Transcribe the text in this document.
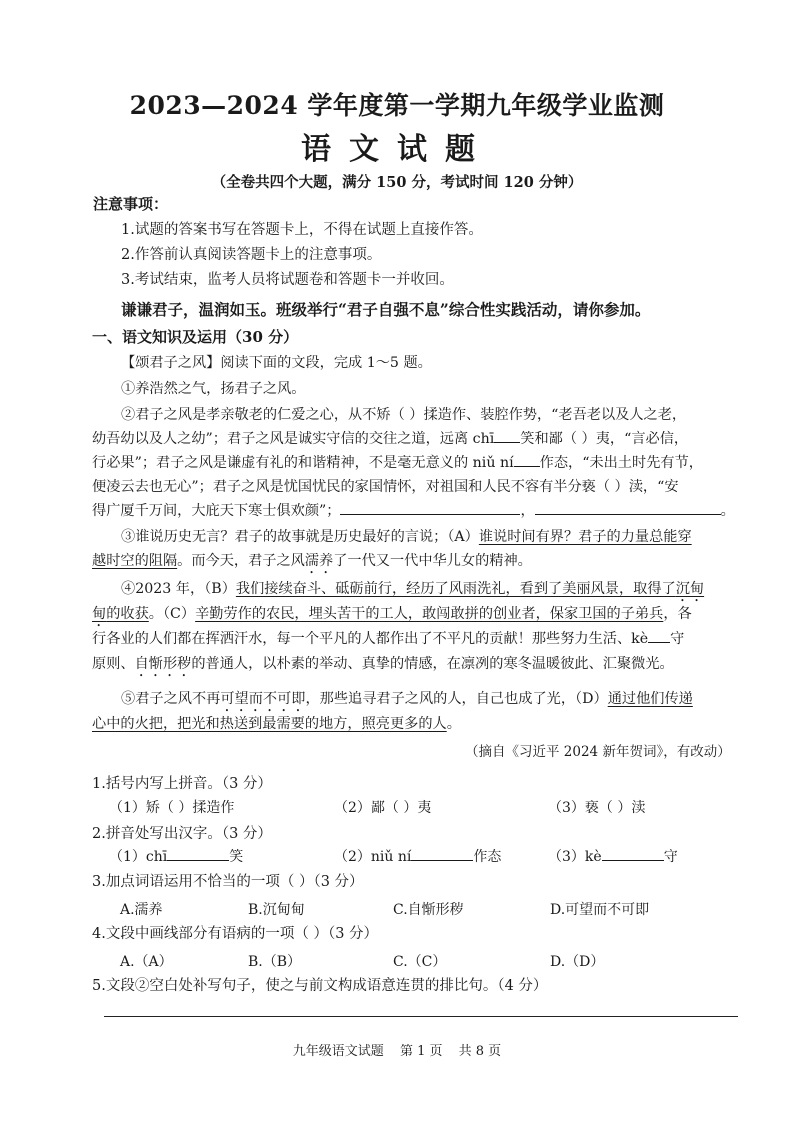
2023—2024 学年度第一学期九年级学业监测
语文试题
（全卷共四个大题，满分 150 分，考试时间 120 分钟）
注意事项：
1.试题的答案书写在答题卡上，不得在试题上直接作答。
2.作答前认真阅读答题卡上的注意事项。
3.考试结束，监考人员将试题卷和答题卡一并收回。
谦谦君子，温润如玉。班级举行“君子自强不息”综合性实践活动，请你参加。
一、语文知识及运用（30 分）
【颂君子之风】阅读下面的文段，完成 1～5 题。
①养浩然之气，扬君子之风。
②君子之风是孝亲敬老的仁爱之心，从不矫（ ）揉造作、装腔作势，“老吾老以及人之老，
幼吾幼以及人之幼”；君子之风是诚实守信的交往之道，远离 chī 笑和鄙（ ）夷，“言必信，
行必果”；君子之风是谦虚有礼的和谐精神，不是毫无意义的 niǔ ní 作态，“未出土时先有节，
便凌云去也无心”；君子之风是忧国忧民的家国情怀，对祖国和人民不容有半分亵（ ）渎，“安
得广厦千万间，大庇天下寒士俱欢颜”；	，	。
③谁说历史无言？君子的故事就是历史最好的言说；（A）谁说时间有界？君子的力量总能穿
越时空的阻隔。而今天，君子之风濡养了一代又一代中华儿女的精神。
④2023 年，（B）我们接续奋斗、砥砺前行，经历了风雨洗礼，看到了美丽风景，取得了沉甸
甸的收获。（C）辛勤劳作的农民，埋头苦干的工人，敢闯敢拼的创业者，保家卫国的子弟兵，各
行各业的人们都在挥洒汗水，每一个平凡的人都作出了不平凡的贡献！那些努力生活、kè 守
原则、自惭形秽的普通人，以朴素的举动、真挚的情感，在凛冽的寒冬温暖彼此、汇聚微光。
⑤君子之风不再可望而不可即，那些追寻君子之风的人，自己也成了光，（D）通过他们传递
心中的火把，把光和热送到最需要的地方，照亮更多的人。
（摘自《习近平 2024 新年贺词》，有改动）
1.括号内写上拼音。（3 分）
（1）矫（ ）揉造作	（2）鄙（ ）夷	（3）亵（ ）渎
2.拼音处写出汉字。（3 分）
（1）chī	笑	（2）niǔ ní	作态	（3）kè	守
3.加点词语运用不恰当的一项（ ）（3 分）
A.濡养	B.沉甸甸	C.自惭形秽	D.可望而不可即
4.文段中画线部分有语病的一项（ ）（3 分）
A.（A）	B.（B）	C.（C）	D.（D）
5.文段②空白处补写句子，使之与前文构成语意连贯的排比句。（4 分）
九年级语文试题 第 1 页 共 8 页
